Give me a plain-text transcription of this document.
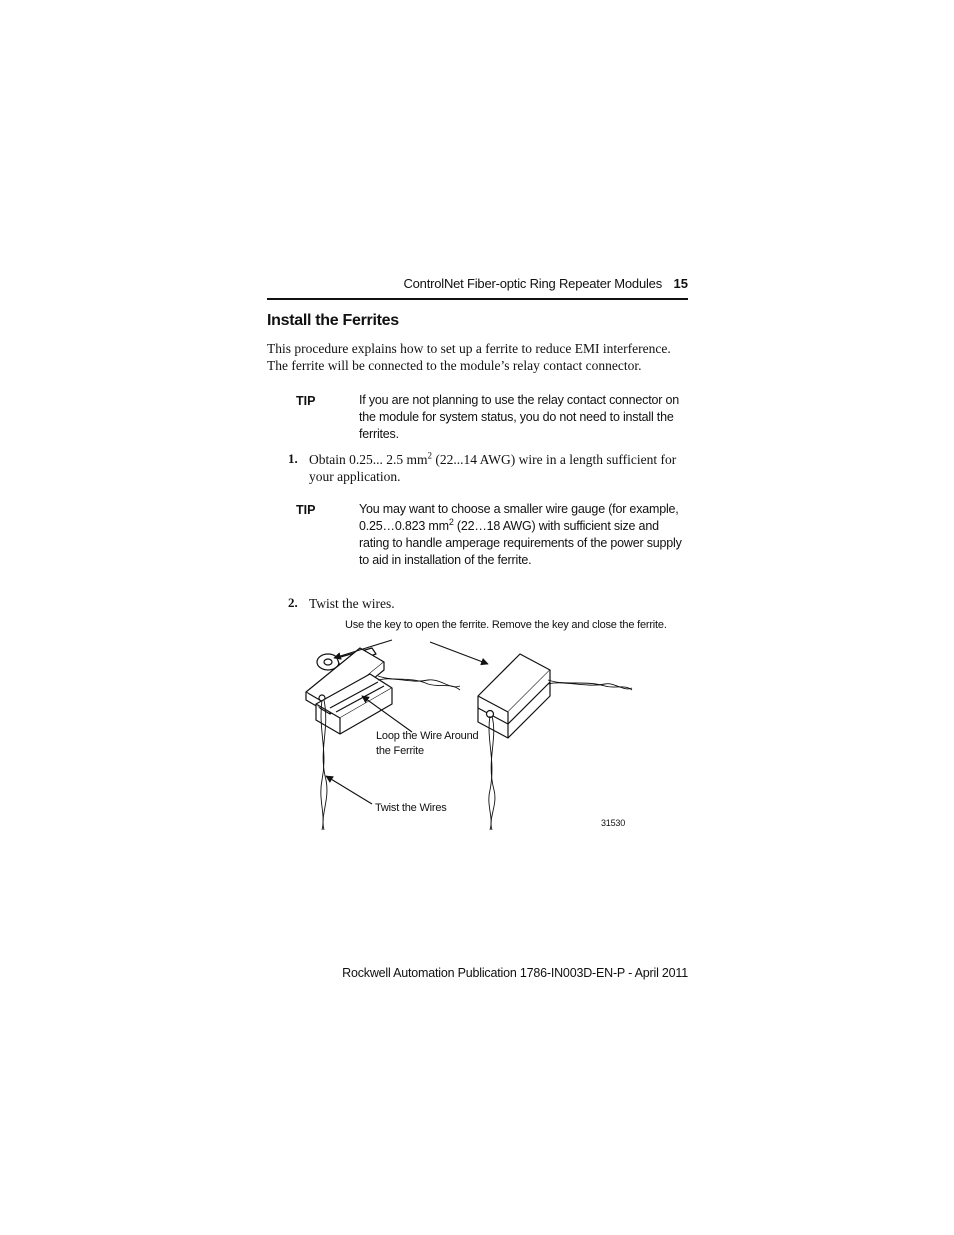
ControlNet Fiber-optic Ring Repeater Modules 15
Install the Ferrites
This procedure explains how to set up a ferrite to reduce EMI interference. The ferrite will be connected to the module’s relay contact connector.
TIP	If you are not planning to use the relay contact connector on the module for system status, you do not need to install the ferrites.
1. Obtain 0.25... 2.5 $mm^2$ (22...14 AWG) wire in a length sufficient for your application.
TIP	You may want to choose a smaller wire gauge (for example, 0.25…0.823 $mm^2$ (22…18 AWG) with sufficient size and rating to handle amperage requirements of the power supply to aid in installation of the ferrite.
2. Twist the wires.
Use the key to open the ferrite. Remove the key and close the ferrite.
Loop the Wire Around the Ferrite
Twist the Wires
31530
Rockwell Automation Publication 1786-IN003D-EN-P - April 2011
